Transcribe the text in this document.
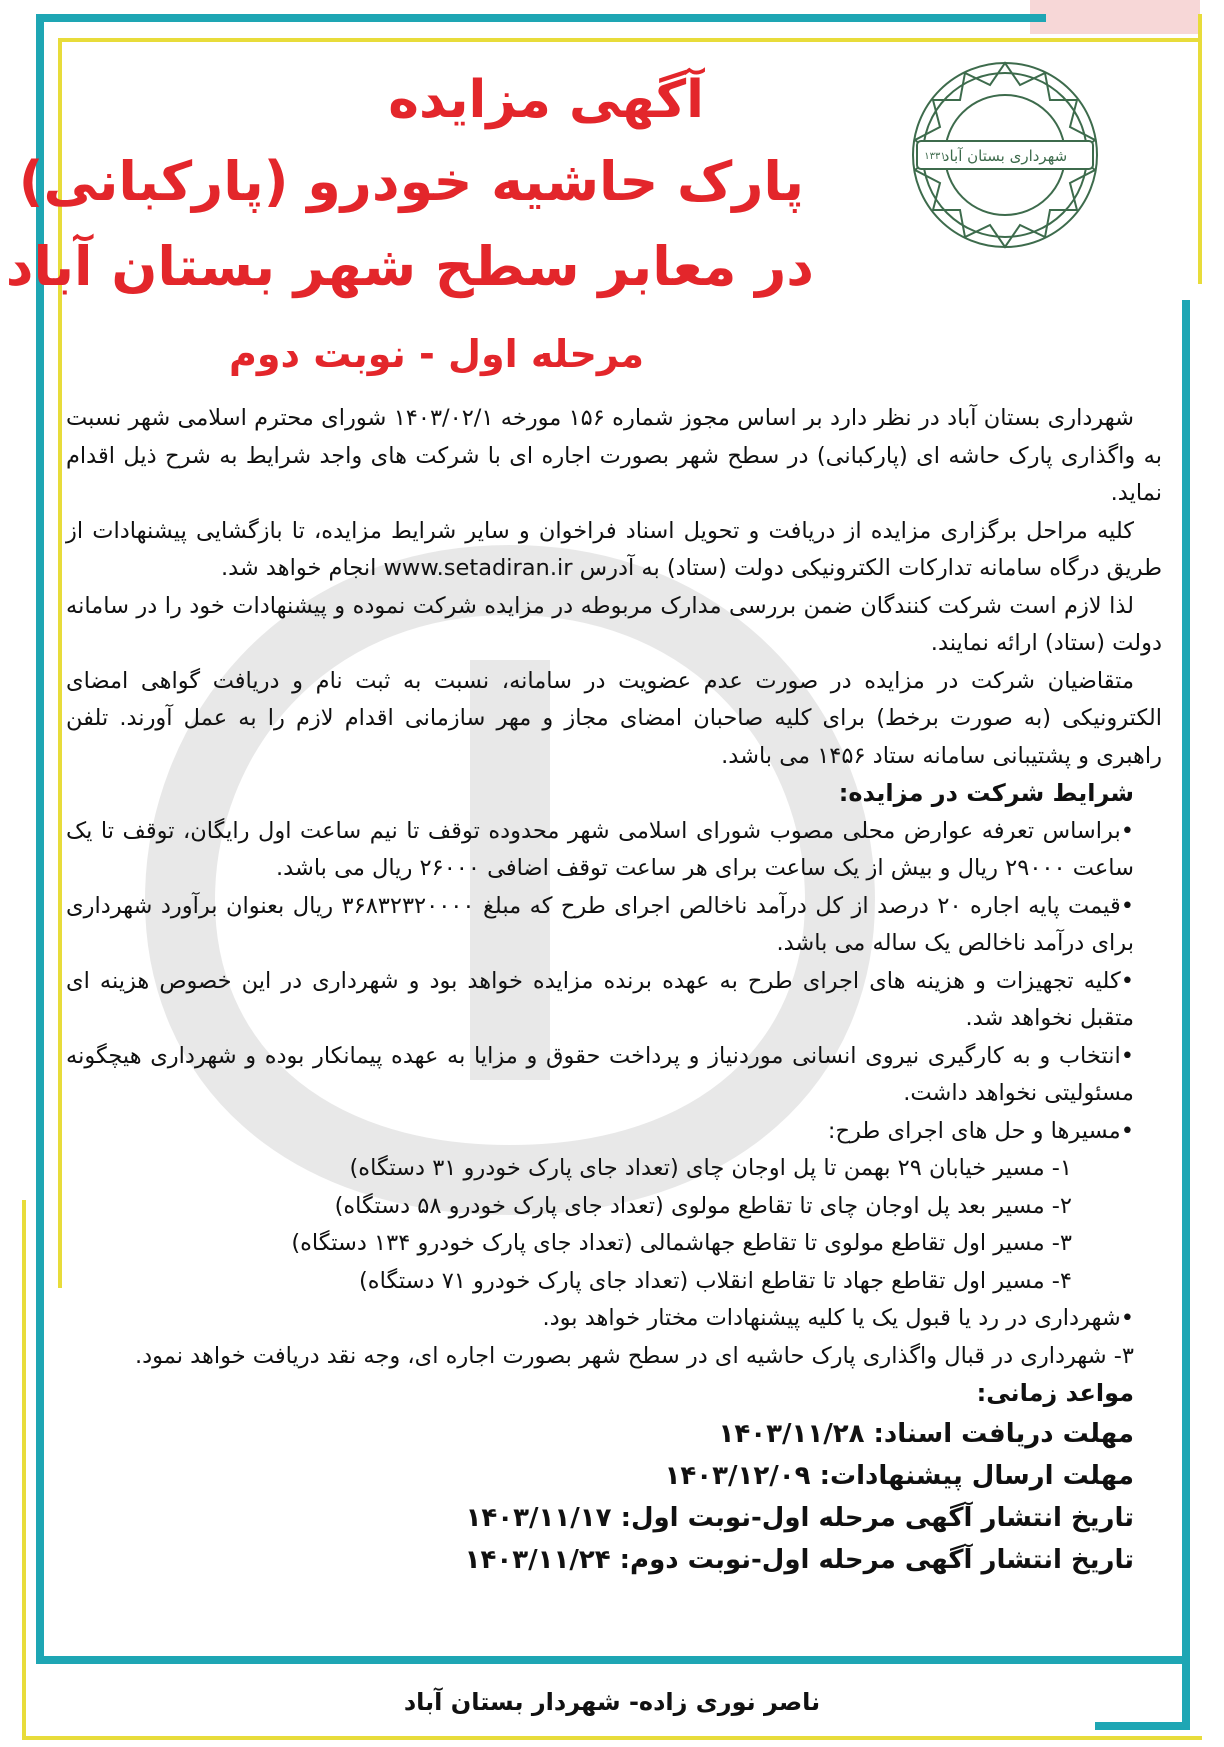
شهرداری بستان آباد
۱۳۳۱
آگهی مزایده
پارک حاشیه خودرو (پارکبانی)
در معابر سطح شهر بستان آباد
مرحله اول - نوبت دوم

شهرداری بستان آباد در نظر دارد بر اساس مجوز شماره ۱۵۶ مورخه ۱۴۰۳/۰۲/۱ شورای محترم اسلامی شهر نسبت به واگذاری پارک حاشه ای (پارکبانی) در سطح شهر بصورت اجاره ای با شرکت های واجد شرایط به شرح ذیل اقدام نماید.

کلیه مراحل برگزاری مزایده از دریافت و تحویل اسناد فراخوان و سایر شرایط مزایده، تا بازگشایی پیشنهادات از طریق درگاه سامانه تدارکات الکترونیکی دولت (ستاد) به آدرس www.setadiran.ir انجام خواهد شد.

لذا لازم است شرکت کنندگان ضمن بررسی مدارک مربوطه در مزایده شرکت نموده و پیشنهادات خود را در سامانه دولت (ستاد) ارائه نمایند.

متقاضیان شرکت در مزایده در صورت عدم عضویت در سامانه، نسبت به ثبت نام و دریافت گواهی امضای الکترونیکی (به صورت برخط) برای کلیه صاحبان امضای مجاز و مهر سازمانی اقدام لازم را به عمل آورند. تلفن راهبری و پشتیبانی سامانه ستاد ۱۴۵۶ می باشد.

شرایط شرکت در مزایده:

• براساس تعرفه عوارض محلی مصوب شورای اسلامی شهر محدوده توقف تا نیم ساعت اول رایگان، توقف تا یک ساعت ۲۹۰۰۰ ریال و بیش از یک ساعت برای هر ساعت توقف اضافی ۲۶۰۰۰ ریال می باشد.

• قیمت پایه اجاره ۲۰ درصد از کل درآمد ناخالص اجرای طرح که مبلغ ۳۶۸۳۲۳۲۰۰۰۰ ریال بعنوان برآورد شهرداری برای درآمد ناخالص یک ساله می باشد.

• کلیه تجهیزات و هزینه های اجرای طرح به عهده برنده مزایده خواهد بود و شهرداری در این خصوص هزینه ای متقبل نخواهد شد.

• انتخاب و به کارگیری نیروی انسانی موردنیاز و پرداخت حقوق و مزایا به عهده پیمانکار بوده و شهرداری هیچگونه مسئولیتی نخواهد داشت.

• مسیرها و حل های اجرای طرح:

۱- مسیر خیابان ۲۹ بهمن تا پل اوجان چای (تعداد جای پارک خودرو ۳۱ دستگاه)

۲- مسیر بعد پل اوجان چای تا تقاطع مولوی (تعداد جای پارک خودرو ۵۸ دستگاه)

۳- مسیر اول تقاطع مولوی تا تقاطع جهاشمالی (تعداد جای پارک خودرو ۱۳۴ دستگاه)

۴- مسیر اول تقاطع جهاد تا تقاطع انقلاب (تعداد جای پارک خودرو ۷۱ دستگاه)

• شهرداری در رد یا قبول یک یا کلیه پیشنهادات مختار خواهد بود.

۳- شهرداری در قبال واگذاری پارک حاشیه ای در سطح شهر بصورت اجاره ای، وجه نقد دریافت خواهد نمود.

مواعد زمانی:

مهلت دریافت اسناد: ۱۴۰۳/۱۱/۲۸

مهلت ارسال پیشنهادات: ۱۴۰۳/۱۲/۰۹

تاریخ انتشار آگهی مرحله اول-نوبت اول: ۱۴۰۳/۱۱/۱۷

تاریخ انتشار آگهی مرحله اول-نوبت دوم: ۱۴۰۳/۱۱/۲۴

ناصر نوری زاده- شهردار بستان آباد
